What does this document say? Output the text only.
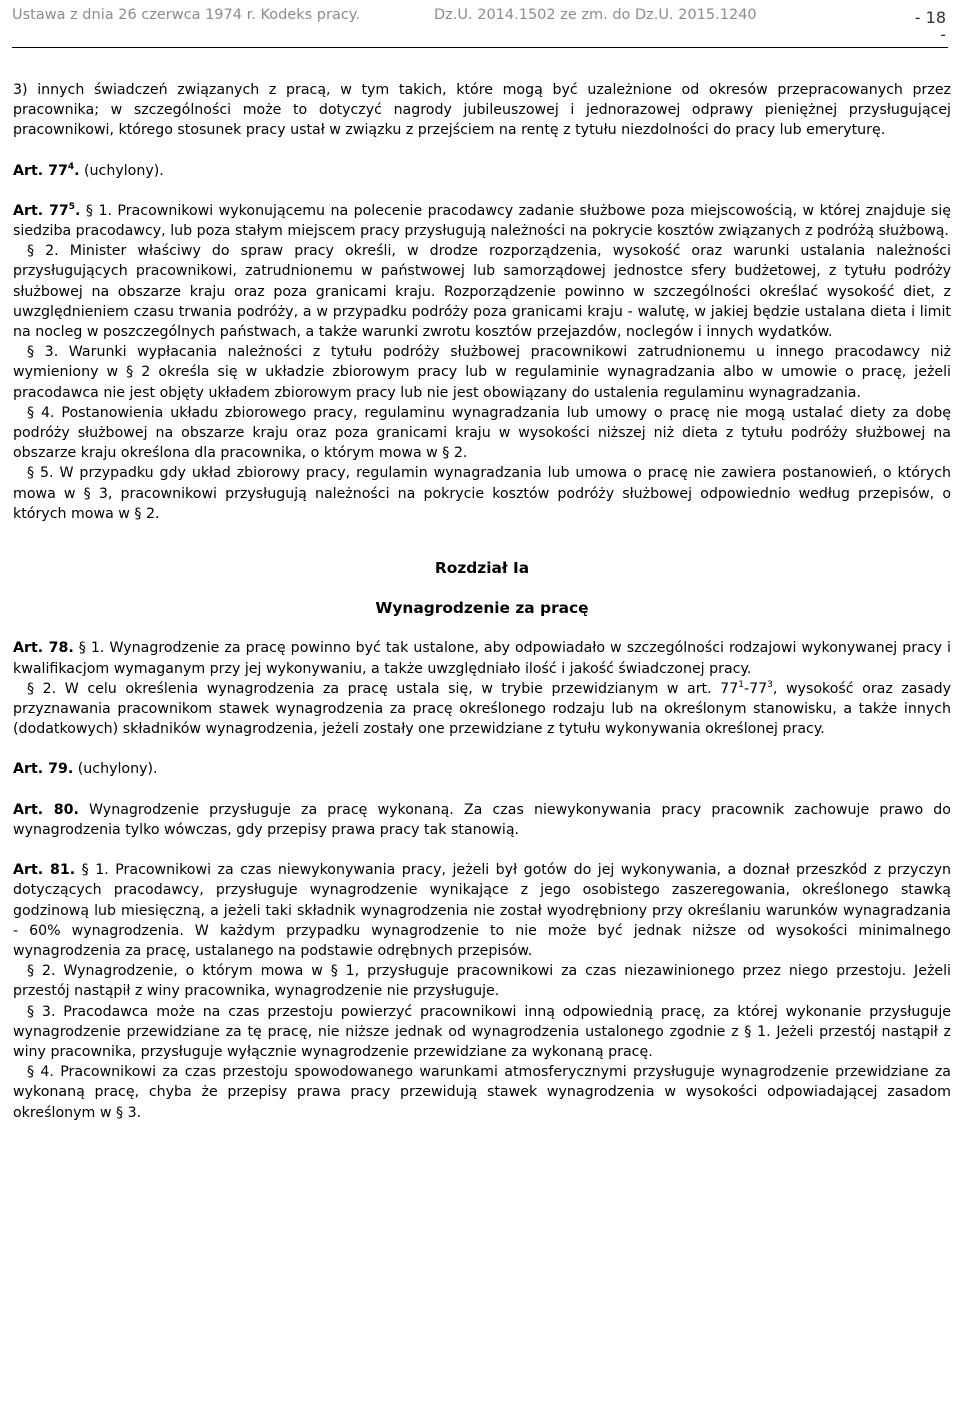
Ustawa z dnia 26 czerwca 1974 r. Kodeks pracy.	Dz.U. 2014.1502 ze zm. do Dz.U. 2015.1240	- 18
-

3) innych świadczeń związanych z pracą, w tym takich, które mogą być uzależnione od okresów przepracowanych przez pracownika; w szczególności może to dotyczyć nagrody jubileuszowej i jednorazowej odprawy pieniężnej przysługującej pracownikowi, którego stosunek pracy ustał w związku z przejściem na rentę z tytułu niezdolności do pracy lub emeryturę.

Art. $77^4$. (uchylony).

Art. $77^5$. § 1. Pracownikowi wykonującemu na polecenie pracodawcy zadanie służbowe poza miejscowością, w której znajduje się siedziba pracodawcy, lub poza stałym miejscem pracy przysługują należności na pokrycie kosztów związanych z podróżą służbową.

§ 2. Minister właściwy do spraw pracy określi, w drodze rozporządzenia, wysokość oraz warunki ustalania należności przysługujących pracownikowi, zatrudnionemu w państwowej lub samorządowej jednostce sfery budżetowej, z tytułu podróży służbowej na obszarze kraju oraz poza granicami kraju. Rozporządzenie powinno w szczególności określać wysokość diet, z uwzględnieniem czasu trwania podróży, a w przypadku podróży poza granicami kraju - walutę, w jakiej będzie ustalana dieta i limit na nocleg w poszczególnych państwach, a także warunki zwrotu kosztów przejazdów, noclegów i innych wydatków.

§ 3. Warunki wypłacania należności z tytułu podróży służbowej pracownikowi zatrudnionemu u innego pracodawcy niż wymieniony w § 2 określa się w układzie zbiorowym pracy lub w regulaminie wynagradzania albo w umowie o pracę, jeżeli pracodawca nie jest objęty układem zbiorowym pracy lub nie jest obowiązany do ustalenia regulaminu wynagradzania.

§ 4. Postanowienia układu zbiorowego pracy, regulaminu wynagradzania lub umowy o pracę nie mogą ustalać diety za dobę podróży służbowej na obszarze kraju oraz poza granicami kraju w wysokości niższej niż dieta z tytułu podróży służbowej na obszarze kraju określona dla pracownika, o którym mowa w § 2.

§ 5. W przypadku gdy układ zbiorowy pracy, regulamin wynagradzania lub umowa o pracę nie zawiera postanowień, o których mowa w § 3, pracownikowi przysługują należności na pokrycie kosztów podróży służbowej odpowiednio według przepisów, o których mowa w § 2.

Rozdział Ia

Wynagrodzenie za pracę

Art. 78. § 1. Wynagrodzenie za pracę powinno być tak ustalone, aby odpowiadało w szczególności rodzajowi wykonywanej pracy i kwalifikacjom wymaganym przy jej wykonywaniu, a także uwzględniało ilość i jakość świadczonej pracy.

§ 2. W celu określenia wynagrodzenia za pracę ustala się, w trybie przewidzianym w art. $77^1-77^3$, wysokość oraz zasady przyznawania pracownikom stawek wynagrodzenia za pracę określonego rodzaju lub na określonym stanowisku, a także innych (dodatkowych) składników wynagrodzenia, jeżeli zostały one przewidziane z tytułu wykonywania określonej pracy.

Art. 79. (uchylony).

Art. 80. Wynagrodzenie przysługuje za pracę wykonaną. Za czas niewykonywania pracy pracownik zachowuje prawo do wynagrodzenia tylko wówczas, gdy przepisy prawa pracy tak stanowią.

Art. 81. § 1. Pracownikowi za czas niewykonywania pracy, jeżeli był gotów do jej wykonywania, a doznał przeszkód z przyczyn dotyczących pracodawcy, przysługuje wynagrodzenie wynikające z jego osobistego zaszeregowania, określonego stawką godzinową lub miesięczną, a jeżeli taki składnik wynagrodzenia nie został wyodrębniony przy określaniu warunków wynagradzania - 60% wynagrodzenia. W każdym przypadku wynagrodzenie to nie może być jednak niższe od wysokości minimalnego wynagrodzenia za pracę, ustalanego na podstawie odrębnych przepisów.

§ 2. Wynagrodzenie, o którym mowa w § 1, przysługuje pracownikowi za czas niezawinionego przez niego przestoju. Jeżeli przestój nastąpił z winy pracownika, wynagrodzenie nie przysługuje.

§ 3. Pracodawca może na czas przestoju powierzyć pracownikowi inną odpowiednią pracę, za której wykonanie przysługuje wynagrodzenie przewidziane za tę pracę, nie niższe jednak od wynagrodzenia ustalonego zgodnie z § 1. Jeżeli przestój nastąpił z winy pracownika, przysługuje wyłącznie wynagrodzenie przewidziane za wykonaną pracę.

§ 4. Pracownikowi za czas przestoju spowodowanego warunkami atmosferycznymi przysługuje wynagrodzenie przewidziane za wykonaną pracę, chyba że przepisy prawa pracy przewidują stawek wynagrodzenia w wysokości odpowiadającej zasadom określonym w § 3.
